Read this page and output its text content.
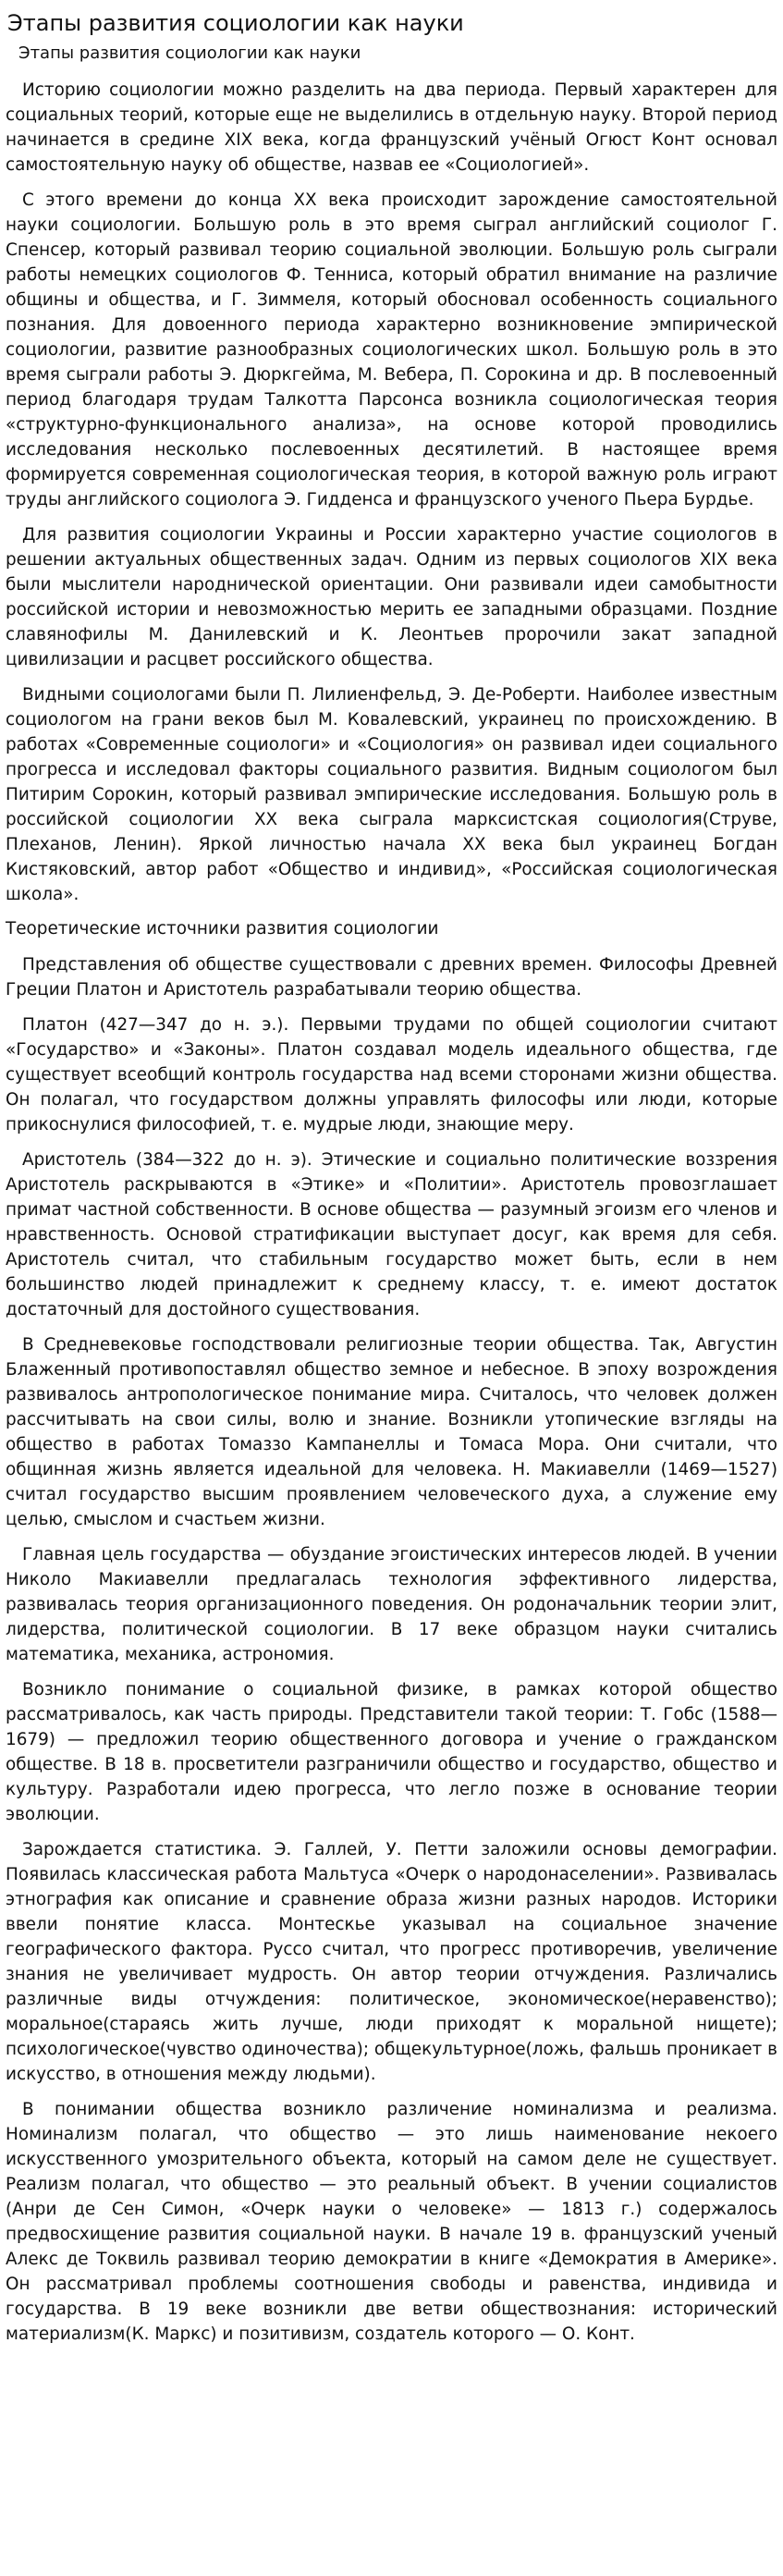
Этапы развития социологии как науки
Этапы развития социологии как науки

Историю социологии можно разделить на два периода. Первый характерен для социальных теорий, которые еще не выделились в отдельную науку. Второй период начинается в средине XIX века, когда французский учёный Огюст Конт основал самостоятельную науку об обществе, назвав ее «Социологией».

С этого времени до конца XX века происходит зарождение самостоятельной науки социологии. Большую роль в это время сыграл английский социолог Г. Спенсер, который развивал теорию социальной эволюции. Большую роль сыграли работы немецких социологов Ф. Тенниса, который обратил внимание на различие общины и общества, и Г. Зиммеля, который обосновал особенность социального познания. Для довоенного периода характерно возникновение эмпирической социологии, развитие разнообразных социологических школ. Большую роль в это время сыграли работы Э. Дюркгейма, М. Вебера, П. Сорокина и др. В послевоенный период благодаря трудам Талкотта Парсонса возникла социологическая теория «структурно-функционального анализа», на основе которой проводились исследования несколько послевоенных десятилетий. В настоящее время формируется современная социологическая теория, в которой важную роль играют труды английского социолога Э. Гидденса и французского ученого Пьера Бурдье.

Для развития социологии Украины и России характерно участие социологов в решении актуальных общественных задач. Одним из первых социологов XIX века были мыслители народнической ориентации. Они развивали идеи самобытности российской истории и невозможностью мерить ее западными образцами. Поздние славянофилы М. Данилевский и К. Леонтьев пророчили закат западной цивилизации и расцвет российского общества.

Видными социологами были П. Лилиенфельд, Э. Де-Роберти. Наиболее известным социологом на грани веков был М. Ковалевский, украинец по происхождению. В работах «Современные социологи» и «Социология» он развивал идеи социального прогресса и исследовал факторы социального развития. Видным социологом был Питирим Сорокин, который развивал эмпирические исследования. Большую роль в российской социологии XX века сыграла марксистская социология(Струве, Плеханов, Ленин). Яркой личностью начала XX века был украинец Богдан Кистяковский, автор работ «Общество и индивид», «Российская социологическая школа».

Теоретические источники развития социологии

Представления об обществе существовали с древних времен. Философы Древней Греции Платон и Аристотель разрабатывали теорию общества.

Платон (427—347 до н. э.). Первыми трудами по общей социологии считают «Государство» и «Законы». Платон создавал модель идеального общества, где существует всеобщий контроль государства над всеми сторонами жизни общества. Он полагал, что государством должны управлять философы или люди, которые прикоснулися философией, т. е. мудрые люди, знающие меру.

Аристотель (384—322 до н. э). Этические и социально политические воззрения Аристотель раскрываются в «Этике» и «Политии». Аристотель провозглашает примат частной собственности. В основе общества — разумный эгоизм его членов и нравственность. Основой стратификации выступает досуг, как время для себя. Аристотель считал, что стабильным государство может быть, если в нем большинство людей принадлежит к среднему классу, т. е. имеют достаток достаточный для достойного существования.

В Средневековье господствовали религиозные теории общества. Так, Августин Блаженный противопоставлял общество земное и небесное. В эпоху возрождения развивалось антропологическое понимание мира. Считалось, что человек должен рассчитывать на свои силы, волю и знание. Возникли утопические взгляды на общество в работах Томаззо Кампанеллы и Томаса Мора. Они считали, что общинная жизнь является идеальной для человека. Н. Макиавелли (1469—1527) считал государство высшим проявлением человеческого духа, а служение ему целью, смыслом и счастьем жизни.

Главная цель государства — обуздание эгоистических интересов людей. В учении Николо Макиавелли предлагалась технология эффективного лидерства, развивалась теория организационного поведения. Он родоначальник теории элит, лидерства, политической социологии. В 17 веке образцом науки считались математика, механика, астрономия.

Возникло понимание о социальной физике, в рамках которой общество рассматривалось, как часть природы. Представители такой теории: Т. Гобс (1588—1679) — предложил теорию общественного договора и учение о гражданском обществе. В 18 в. просветители разграничили общество и государство, общество и культуру. Разработали идею прогресса, что легло позже в основание теории эволюции.

Зарождается статистика. Э. Галлей, У. Петти заложили основы демографии. Появилась классическая работа Мальтуса «Очерк о народонаселении». Развивалась этнография как описание и сравнение образа жизни разных народов. Историки ввели понятие класса. Монтескье указывал на социальное значение географического фактора. Руссо считал, что прогресс противоречив, увеличение знания не увеличивает мудрость. Он автор теории отчуждения. Различались различные виды отчуждения: политическое, экономическое(неравенство); моральное(стараясь жить лучше, люди приходят к моральной нищете); психологическое(чувство одиночества); общекультурное(ложь, фальшь проникает в искусство, в отношения между людьми).

В понимании общества возникло различение номинализма и реализма. Номинализм полагал, что общество — это лишь наименование некоего искусственного умозрительного объекта, который на самом деле не существует. Реализм полагал, что общество — это реальный объект. В учении социалистов (Анри де Сен Симон, «Очерк науки о человеке» — 1813 г.) содержалось предвосхищение развития социальной науки. В начале 19 в. французский ученый Алекс де Токвиль развивал теорию демократии в книге «Демократия в Америке». Он рассматривал проблемы соотношения свободы и равенства, индивида и государства. В 19 веке возникли две ветви обществознания: исторический материализм(К. Маркс) и позитивизм, создатель которого — О. Конт.
